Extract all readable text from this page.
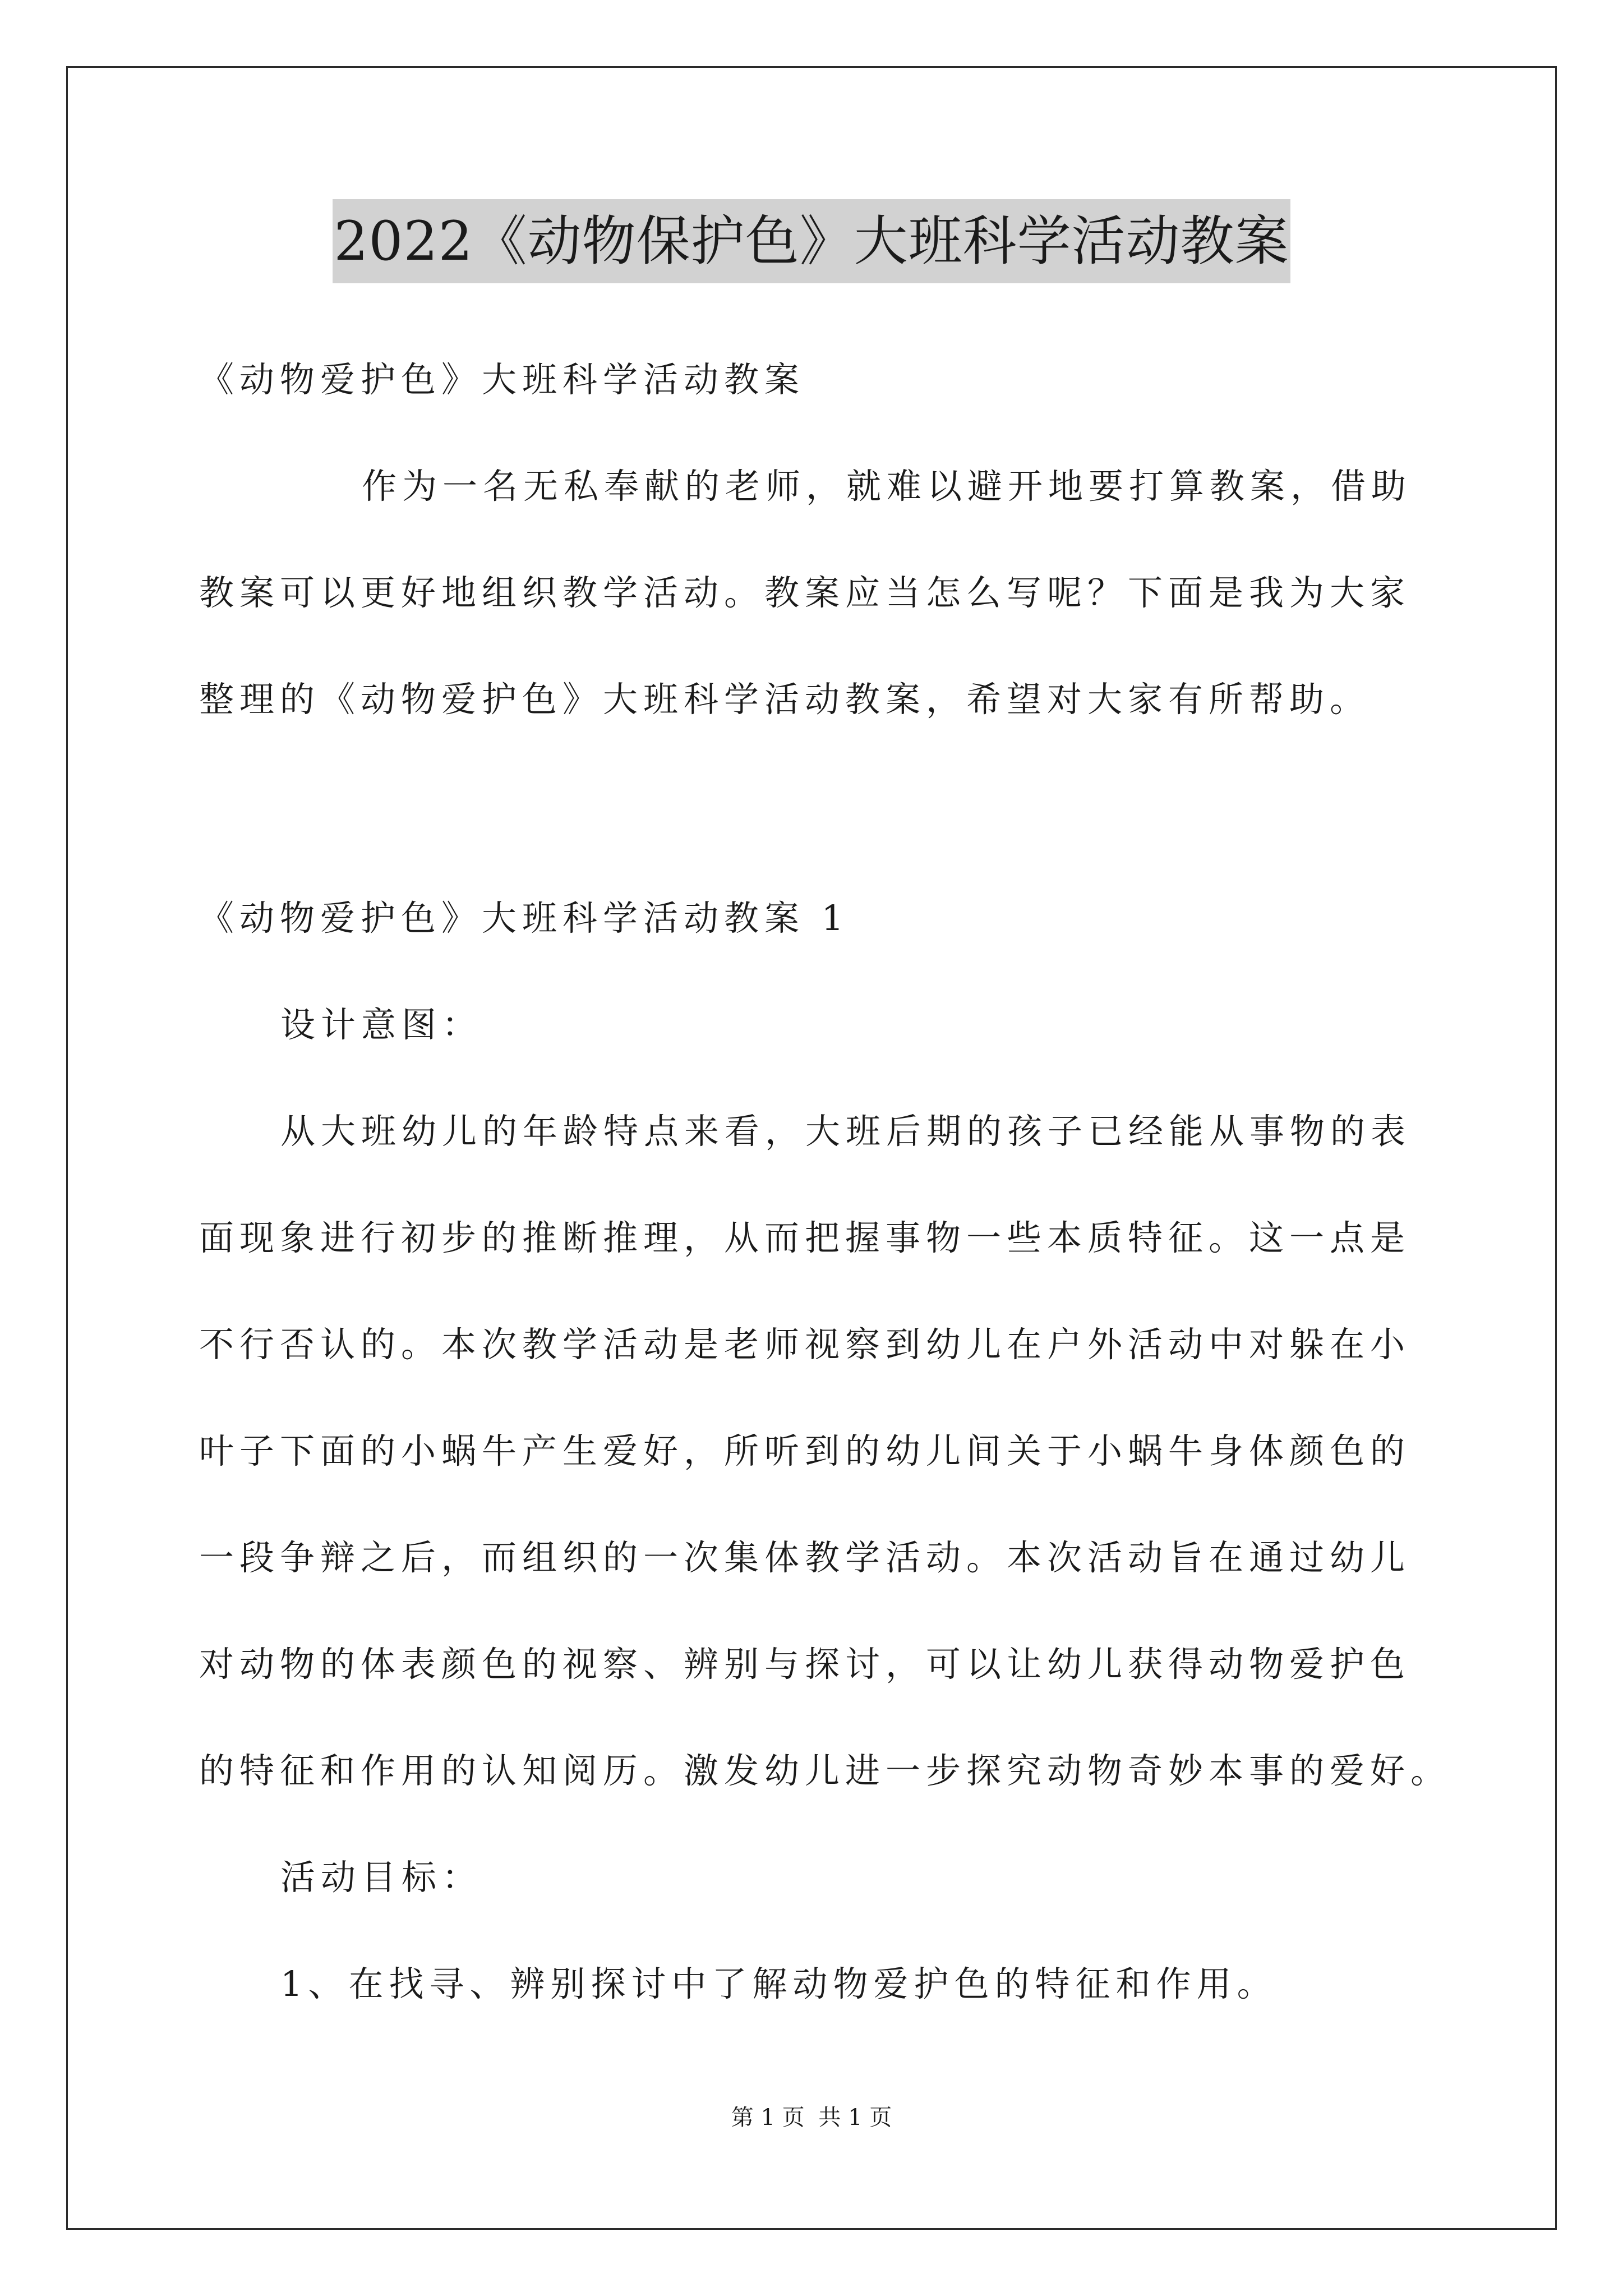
2022《动物保护色》大班科学活动教案
《动物爱护色》大班科学活动教案
作为一名无私奉献的老师，就难以避开地要打算教案，借助
教案可以更好地组织教学活动。教案应当怎么写呢？下面是我为大家
整理的《动物爱护色》大班科学活动教案，希望对大家有所帮助。
《动物爱护色》大班科学活动教案 1
设计意图：
从大班幼儿的年龄特点来看，大班后期的孩子已经能从事物的表
面现象进行初步的推断推理，从而把握事物一些本质特征。这一点是
不行否认的。本次教学活动是老师视察到幼儿在户外活动中对躲在小
叶子下面的小蜗牛产生爱好，所听到的幼儿间关于小蜗牛身体颜色的
一段争辩之后，而组织的一次集体教学活动。本次活动旨在通过幼儿
对动物的体表颜色的视察、辨别与探讨，可以让幼儿获得动物爱护色
的特征和作用的认知阅历。激发幼儿进一步探究动物奇妙本事的爱好。
活动目标：
1、在找寻、辨别探讨中了解动物爱护色的特征和作用。
第 1 页 共 1 页
